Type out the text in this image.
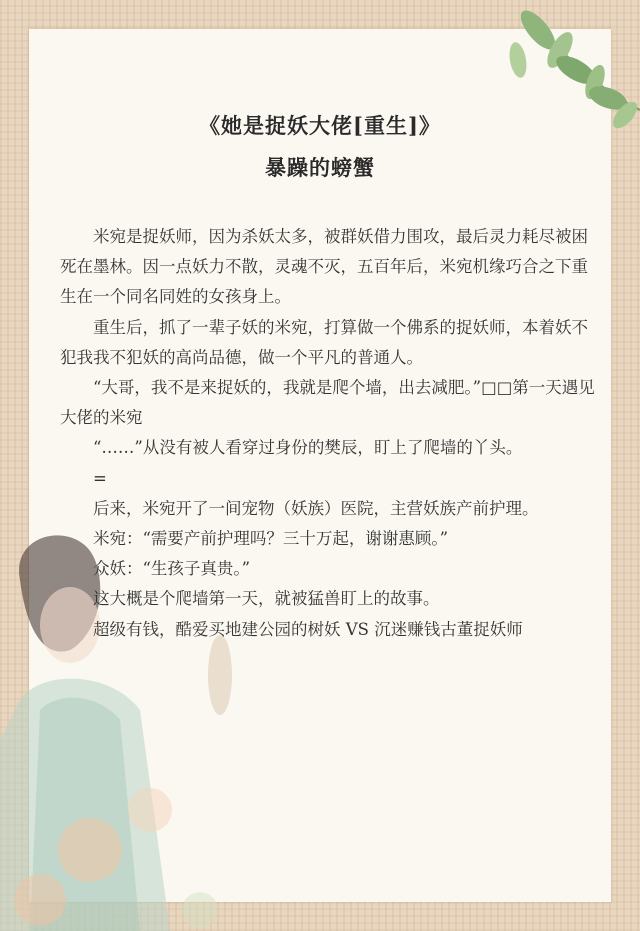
《她是捉妖大佬[重生]》
暴躁的螃蟹

米宛是捉妖师，因为杀妖太多，被群妖借力围攻，最后灵力耗尽被困死在墨林。因一点妖力不散，灵魂不灭，五百年后，米宛机缘巧合之下重生在一个同名同姓的女孩身上。

重生后，抓了一辈子妖的米宛，打算做一个佛系的捉妖师，本着妖不犯我我不犯妖的高尚品德，做一个平凡的普通人。

“大哥，我不是来捉妖的，我就是爬个墙，出去减肥。”□□第一天遇见大佬的米宛

“……”从没有被人看穿过身份的樊辰，盯上了爬墙的丫头。

=

后来，米宛开了一间宠物（妖族）医院，主营妖族产前护理。

米宛：“需要产前护理吗？三十万起，谢谢惠顾。”

众妖：“生孩子真贵。”

这大概是个爬墙第一天，就被猛兽盯上的故事。

超级有钱，酷爱买地建公园的树妖 VS 沉迷赚钱古董捉妖师
